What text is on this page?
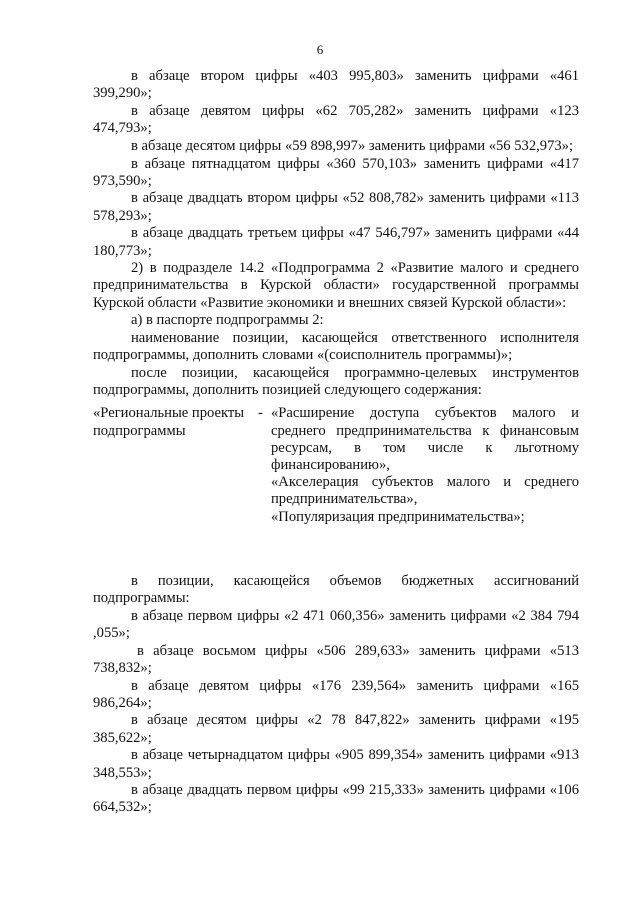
6

в абзаце втором цифры «403 995,803» заменить цифрами «461 399,290»;

в абзаце девятом цифры «62 705,282» заменить цифрами «123 474,793»;

в абзаце десятом цифры «59 898,997» заменить цифрами «56 532,973»;

в абзаце пятнадцатом цифры «360 570,103» заменить цифрами «417 973,590»;

в абзаце двадцать втором цифры «52 808,782» заменить цифрами «113 578,293»;

в абзаце двадцать третьем цифры «47 546,797» заменить цифрами «44 180,773»;

2) в подразделе 14.2 «Подпрограмма 2 «Развитие малого и среднего предпринимательства в Курской области» государственной программы Курской области «Развитие экономики и внешних связей Курской области»:

а) в паспорте подпрограммы 2:

наименование позиции, касающейся ответственного исполнителя подпрограммы, дополнить словами «(соисполнитель программы)»;

после позиции, касающейся программно-целевых инструментов подпрограммы, дополнить позицией следующего содержания:

«Региональные проекты подпрограммы
- «Расширение доступа субъектов малого и среднего предпринимательства к финансовым ресурсам, в том числе к льготному финансированию»,

«Акселерация субъектов малого и среднего предпринимательства»,

«Популяризация предпринимательства»;

в позиции, касающейся объемов бюджетных ассигнований подпрограммы:

в абзаце первом цифры «2 471 060,356» заменить цифрами «2 384 794 ,055»;

в абзаце восьмом цифры «506 289,633» заменить цифрами «513 738,832»;

в абзаце девятом цифры «176 239,564» заменить цифрами «165 986,264»;

в абзаце десятом цифры «2 78 847,822» заменить цифрами «195 385,622»;

в абзаце четырнадцатом цифры «905 899,354» заменить цифрами «913 348,553»;

в абзаце двадцать первом цифры «99 215,333» заменить цифрами «106 664,532»;
